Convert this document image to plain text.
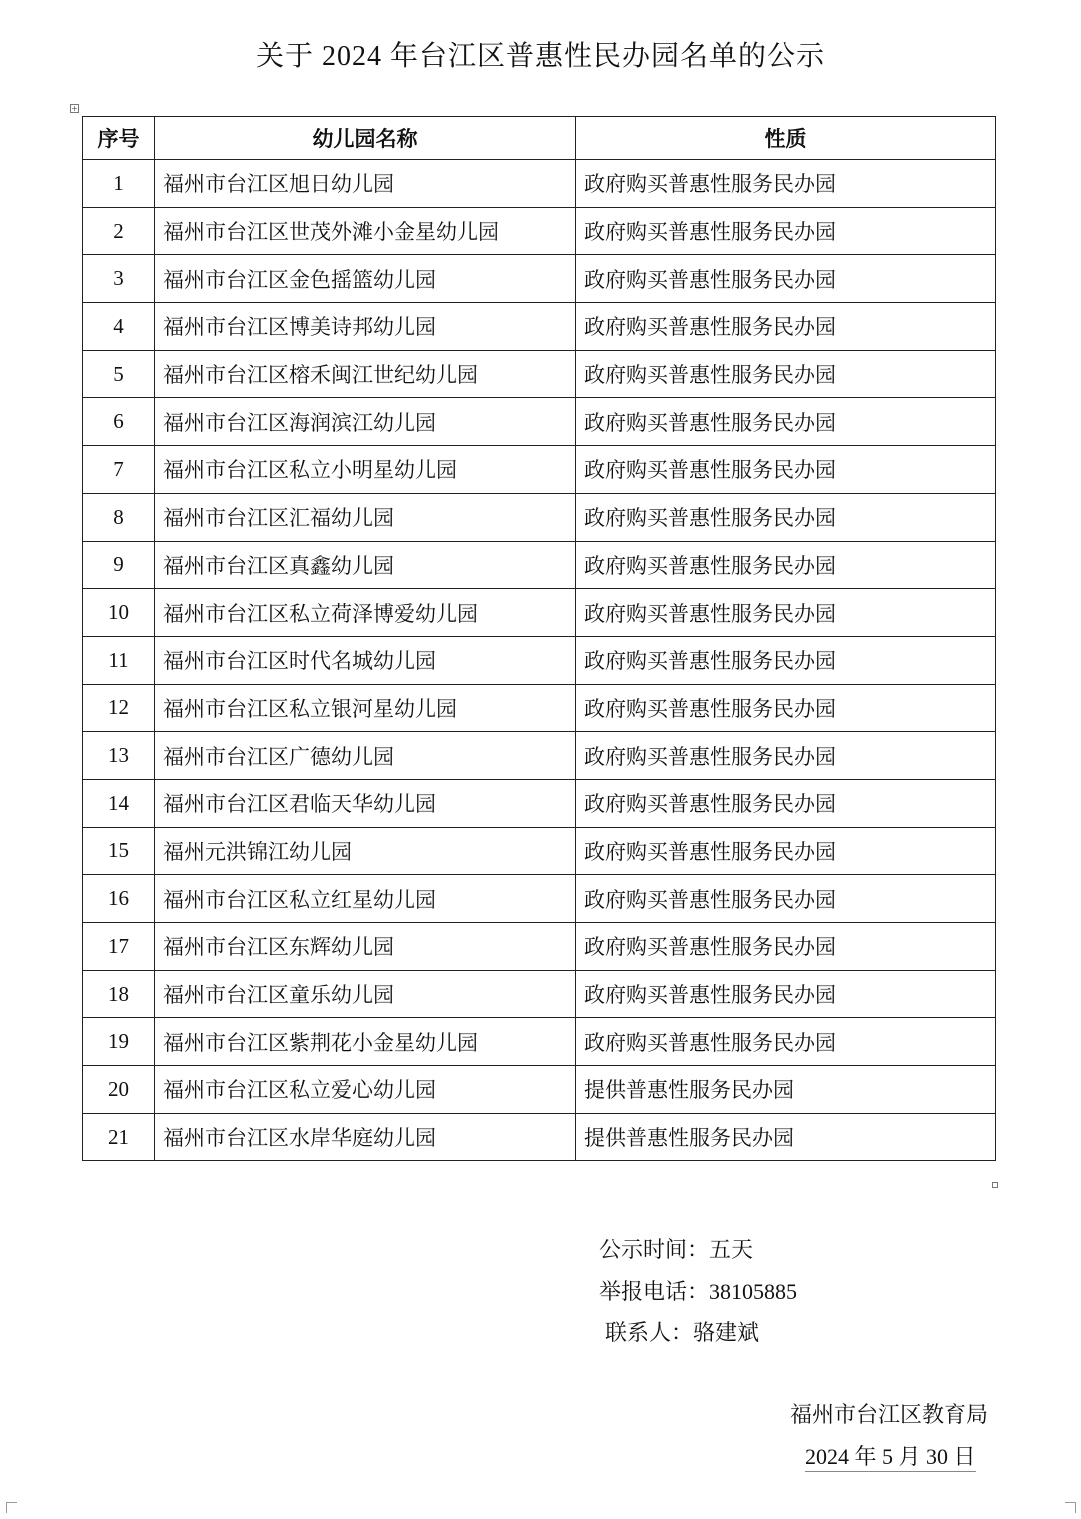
关于 2024 年台江区普惠性民办园名单的公示
+
序号	幼儿园名称	性质
1	福州市台江区旭日幼儿园	政府购买普惠性服务民办园
2	福州市台江区世茂外滩小金星幼儿园	政府购买普惠性服务民办园
3	福州市台江区金色摇篮幼儿园	政府购买普惠性服务民办园
4	福州市台江区博美诗邦幼儿园	政府购买普惠性服务民办园
5	福州市台江区榕禾闽江世纪幼儿园	政府购买普惠性服务民办园
6	福州市台江区海润滨江幼儿园	政府购买普惠性服务民办园
7	福州市台江区私立小明星幼儿园	政府购买普惠性服务民办园
8	福州市台江区汇福幼儿园	政府购买普惠性服务民办园
9	福州市台江区真鑫幼儿园	政府购买普惠性服务民办园
10	福州市台江区私立荷泽博爱幼儿园	政府购买普惠性服务民办园
11	福州市台江区时代名城幼儿园	政府购买普惠性服务民办园
12	福州市台江区私立银河星幼儿园	政府购买普惠性服务民办园
13	福州市台江区广德幼儿园	政府购买普惠性服务民办园
14	福州市台江区君临天华幼儿园	政府购买普惠性服务民办园
15	福州元洪锦江幼儿园	政府购买普惠性服务民办园
16	福州市台江区私立红星幼儿园	政府购买普惠性服务民办园
17	福州市台江区东辉幼儿园	政府购买普惠性服务民办园
18	福州市台江区童乐幼儿园	政府购买普惠性服务民办园
19	福州市台江区紫荆花小金星幼儿园	政府购买普惠性服务民办园
20	福州市台江区私立爱心幼儿园	提供普惠性服务民办园
21	福州市台江区水岸华庭幼儿园	提供普惠性服务民办园
公示时间：五天
举报电话：38105885
联系人：骆建斌
福州市台江区教育局
2024 年 5 月 30 日
